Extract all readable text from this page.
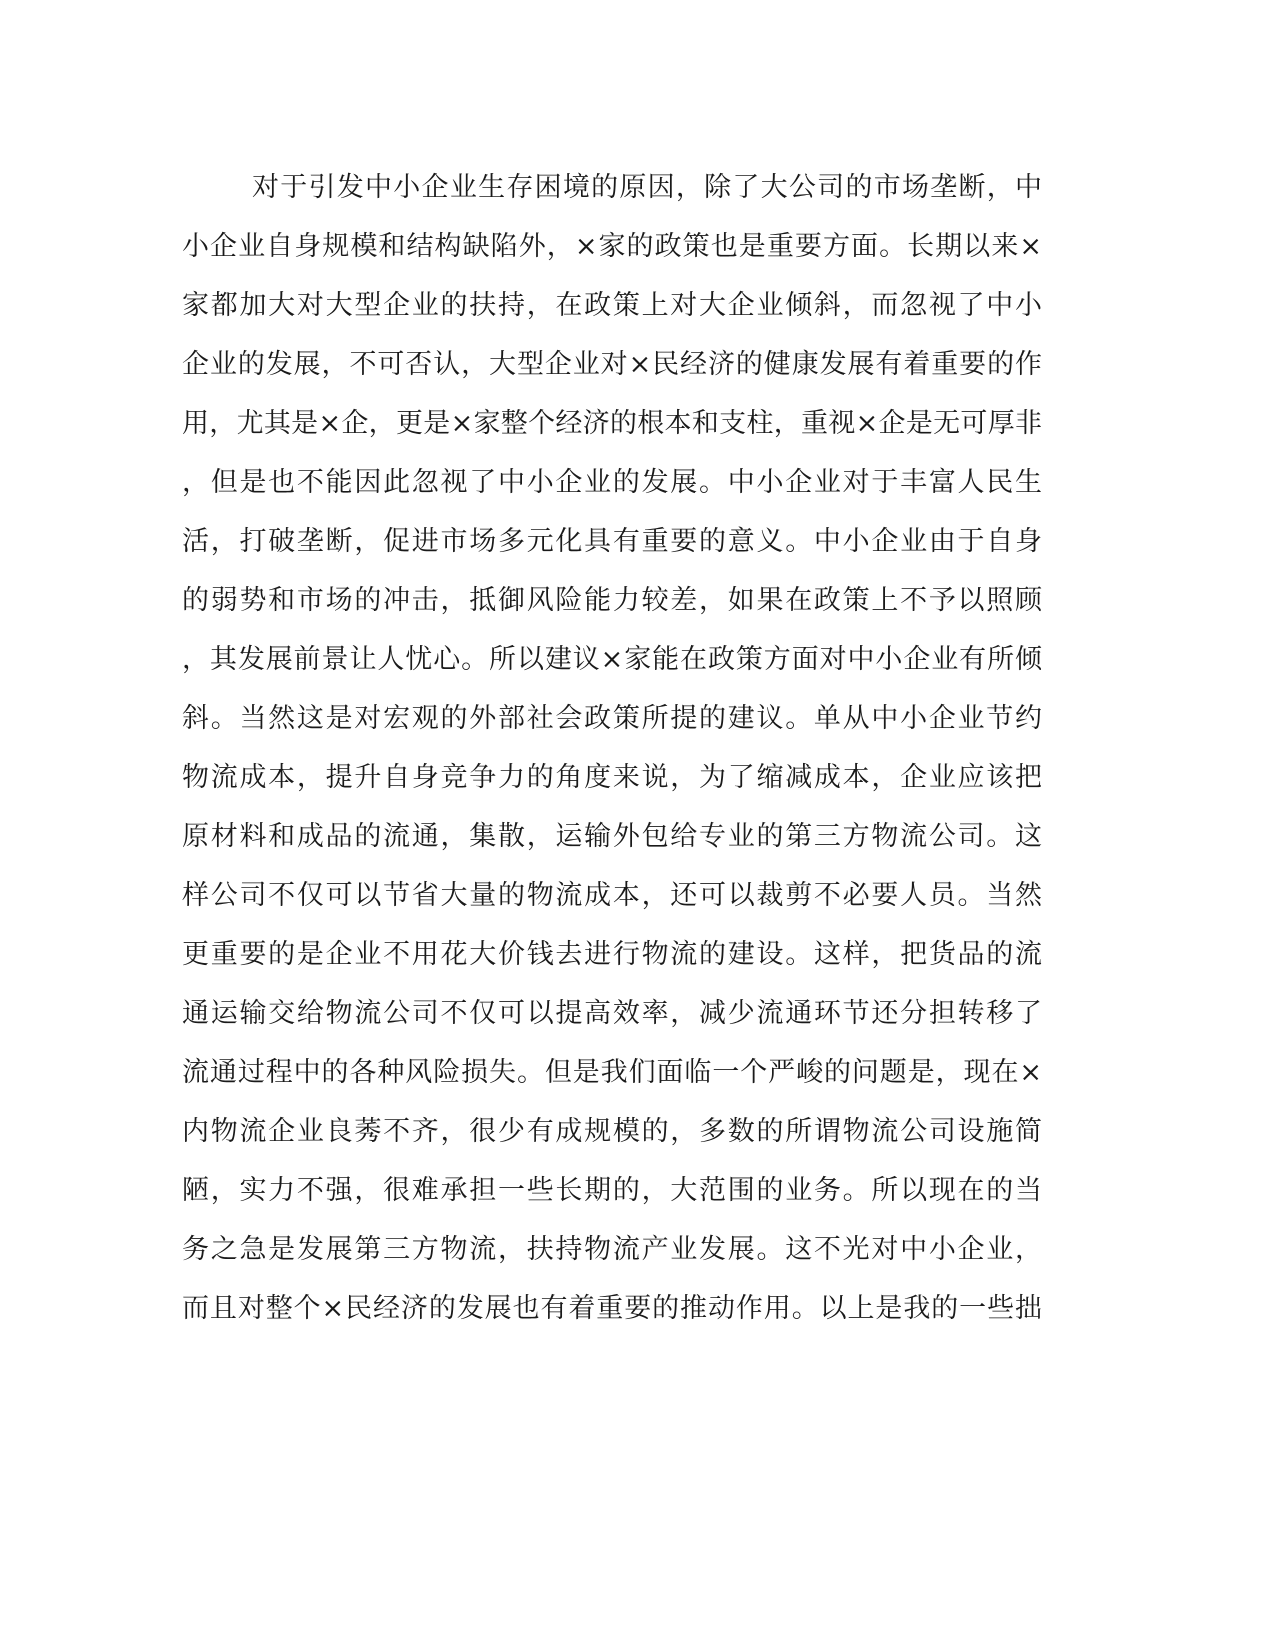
对于引发中小企业生存困境的原因，除了大公司的市场垄断，中
小企业自身规模和结构缺陷外，×家的政策也是重要方面。长期以来×
家都加大对大型企业的扶持，在政策上对大企业倾斜，而忽视了中小
企业的发展，不可否认，大型企业对×民经济的健康发展有着重要的作
用，尤其是×企，更是×家整个经济的根本和支柱，重视×企是无可厚非
，但是也不能因此忽视了中小企业的发展。中小企业对于丰富人民生
活，打破垄断，促进市场多元化具有重要的意义。中小企业由于自身
的弱势和市场的冲击，抵御风险能力较差，如果在政策上不予以照顾
，其发展前景让人忧心。所以建议×家能在政策方面对中小企业有所倾
斜。当然这是对宏观的外部社会政策所提的建议。单从中小企业节约
物流成本，提升自身竞争力的角度来说，为了缩减成本，企业应该把
原材料和成品的流通，集散，运输外包给专业的第三方物流公司。这
样公司不仅可以节省大量的物流成本，还可以裁剪不必要人员。当然
更重要的是企业不用花大价钱去进行物流的建设。这样，把货品的流
通运输交给物流公司不仅可以提高效率，减少流通环节还分担转移了
流通过程中的各种风险损失。但是我们面临一个严峻的问题是，现在×
内物流企业良莠不齐，很少有成规模的，多数的所谓物流公司设施简
陋，实力不强，很难承担一些长期的，大范围的业务。所以现在的当
务之急是发展第三方物流，扶持物流产业发展。这不光对中小企业，
而且对整个×民经济的发展也有着重要的推动作用。以上是我的一些拙
